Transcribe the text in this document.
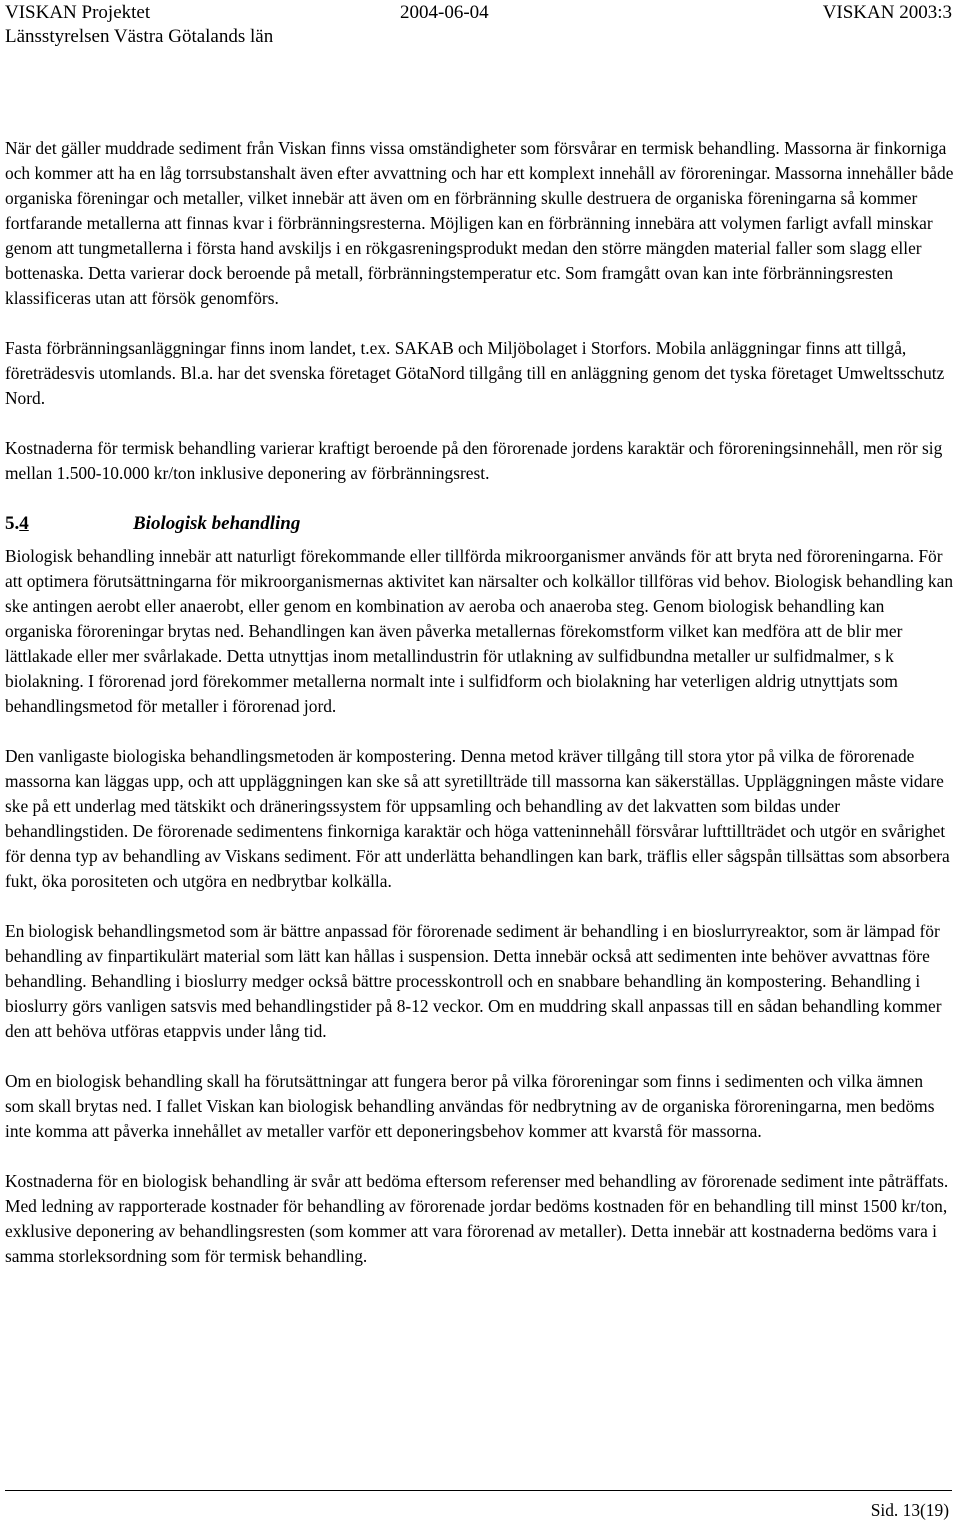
VISKAN Projektet	2004-06-04	VISKAN 2003:3
Länsstyrelsen Västra Götalands län

När det gäller muddrade sediment från Viskan finns vissa omständigheter som försvårar en termisk behandling. Massorna är finkorniga och kommer att ha en låg torrsubstanshalt även efter avvattning och har ett komplext innehåll av föroreningar. Massorna innehåller både organiska föreningar och metaller, vilket innebär att även om en förbränning skulle destruera de organiska föreningarna så kommer fortfarande metallerna att finnas kvar i förbränningsresterna. Möjligen kan en förbränning innebära att volymen farligt avfall minskar genom att tungmetallerna i första hand avskiljs i en rökgasreningsprodukt medan den större mängden material faller som slagg eller bottenaska. Detta varierar dock beroende på metall, förbränningstemperatur etc. Som framgått ovan kan inte förbränningsresten klassificeras utan att försök genomförs.

Fasta förbränningsanläggningar finns inom landet, t.ex. SAKAB och Miljöbolaget i Storfors. Mobila anläggningar finns att tillgå, företrädesvis utomlands. Bl.a. har det svenska företaget GötaNord tillgång till en anläggning genom det tyska företaget Umweltsschutz Nord.

Kostnaderna för termisk behandling varierar kraftigt beroende på den förorenade jordens karaktär och föroreningsinnehåll, men rör sig mellan 1.500-10.000 kr/ton inklusive deponering av förbränningsrest.

5.4	Biologisk behandling

Biologisk behandling innebär att naturligt förekommande eller tillförda mikroorganismer används för att bryta ned föroreningarna. För att optimera förutsättningarna för mikroorganismernas aktivitet kan närsalter och kolkällor tillföras vid behov. Biologisk behandling kan ske antingen aerobt eller anaerobt, eller genom en kombination av aeroba och anaeroba steg. Genom biologisk behandling kan organiska föroreningar brytas ned. Behandlingen kan även påverka metallernas förekomstform vilket kan medföra att de blir mer lättlakade eller mer svårlakade. Detta utnyttjas inom metallindustrin för utlakning av sulfidbundna metaller ur sulfidmalmer, s k biolakning. I förorenad jord förekommer metallerna normalt inte i sulfidform och biolakning har veterligen aldrig utnyttjats som behandlingsmetod för metaller i förorenad jord.

Den vanligaste biologiska behandlingsmetoden är kompostering. Denna metod kräver tillgång till stora ytor på vilka de förorenade massorna kan läggas upp, och att uppläggningen kan ske så att syretillträde till massorna kan säkerställas. Uppläggningen måste vidare ske på ett underlag med tätskikt och dräneringssystem för uppsamling och behandling av det lakvatten som bildas under behandlingstiden. De förorenade sedimentens finkorniga karaktär och höga vatteninnehåll försvårar lufttillträdet och utgör en svårighet för denna typ av behandling av Viskans sediment. För att underlätta behandlingen kan bark, träflis eller sågspån tillsättas som absorbera fukt, öka porositeten och utgöra en nedbrytbar kolkälla.

En biologisk behandlingsmetod som är bättre anpassad för förorenade sediment är behandling i en bioslurryreaktor, som är lämpad för behandling av finpartikulärt material som lätt kan hållas i suspension. Detta innebär också att sedimenten inte behöver avvattnas före behandling. Behandling i bioslurry medger också bättre processkontroll och en snabbare behandling än kompostering. Behandling i bioslurry görs vanligen satsvis med behandlingstider på 8-12 veckor. Om en muddring skall anpassas till en sådan behandling kommer den att behöva utföras etappvis under lång tid.

Om en biologisk behandling skall ha förutsättningar att fungera beror på vilka föroreningar som finns i sedimenten och vilka ämnen som skall brytas ned. I fallet Viskan kan biologisk behandling användas för nedbrytning av de organiska föroreningarna, men bedöms inte komma att påverka innehållet av metaller varför ett deponeringsbehov kommer att kvarstå för massorna.

Kostnaderna för en biologisk behandling är svår att bedöma eftersom referenser med behandling av förorenade sediment inte påträffats. Med ledning av rapporterade kostnader för behandling av förorenade jordar bedöms kostnaden för en behandling till minst 1500 kr/ton, exklusive deponering av behandlingsresten (som kommer att vara förorenad av metaller). Detta innebär att kostnaderna bedöms vara i samma storleksordning som för termisk behandling.

Sid. 13(19)
